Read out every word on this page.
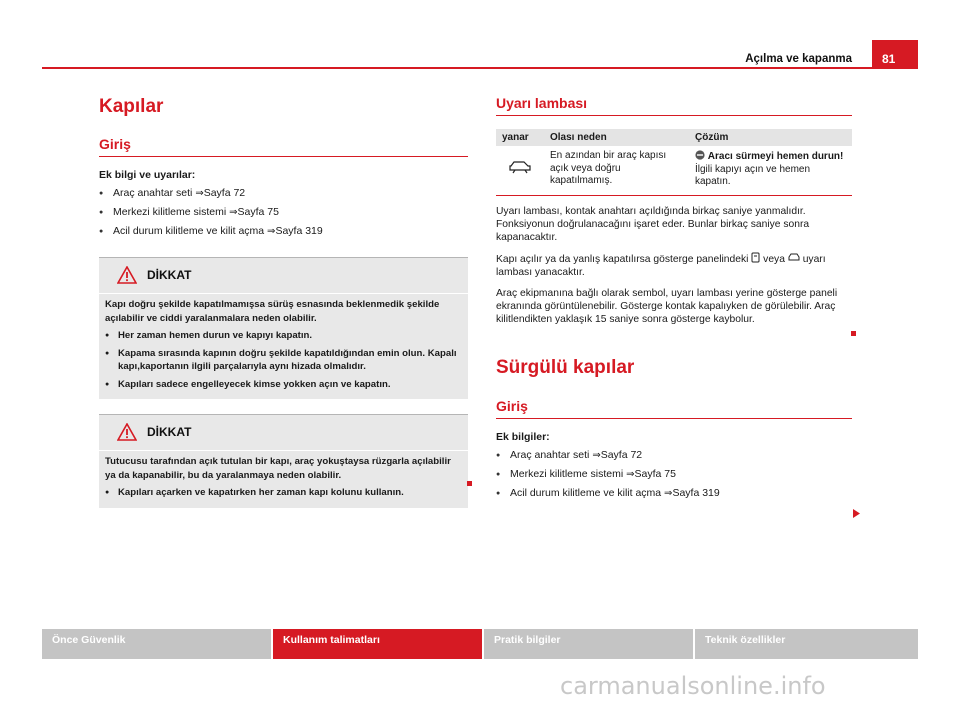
Açılma ve kapanma	81
Kapılar
Giriş
Ek bilgi ve uyarılar:
● Araç anahtar seti ⇒Sayfa 72
● Merkezi kilitleme sistemi ⇒Sayfa 75
● Acil durum kilitleme ve kilit açma ⇒Sayfa 319
DİKKAT

Kapı doğru şekilde kapatılmamışsa sürüş esnasında beklenmedik şekilde açılabilir ve ciddi yaralanmalara neden olabilir.

● Her zaman hemen durun ve kapıyı kapatın.

● Kapama sırasında kapının doğru şekilde kapatıldığından emin olun. Kapalı kapı,kaportanın ilgili parçalarıyla aynı hizada olmalıdır.

● Kapıları sadece engelleyecek kimse yokken açın ve kapatın.

DİKKAT

Tutucusu tarafından açık tutulan bir kapı, araç yokuştaysa rüzgarla açılabilir ya da kapanabilir, bu da yaralanmaya neden olabilir.

● Kapıları açarken ve kapatırken her zaman kapı kolunu kullanın.

Uyarı lambası
yanar	Olası neden	Çözüm
	En azından bir araç kapısı açık veya doğru kapatılmamış.	Aracı sürmeyi hemen durun!
İlgili kapıyı açın ve hemen kapatın.

Uyarı lambası, kontak anahtarı açıldığında birkaç saniye yanmalıdır. Fonksiyonun doğrulanacağını işaret eder. Bunlar birkaç saniye sonra kapanacaktır.

Kapı açılır ya da yanlış kapatılırsa gösterge panelindeki veya uyarı lambası yanacaktır.

Araç ekipmanına bağlı olarak sembol, uyarı lambası yerine gösterge paneli ekranında görüntülenebilir. Gösterge kontak kapalıyken de görülebilir. Araç kilitlendikten yaklaşık 15 saniye sonra gösterge kaybolur.

Sürgülü kapılar
Giriş
Ek bilgiler:
● Araç anahtar seti ⇒Sayfa 72
● Merkezi kilitleme sistemi ⇒Sayfa 75
● Acil durum kilitleme ve kilit açma ⇒Sayfa 319
Önce Güvenlik	Kullanım talimatları	Pratik bilgiler	Teknik özellikler
carmanualsonline.info
